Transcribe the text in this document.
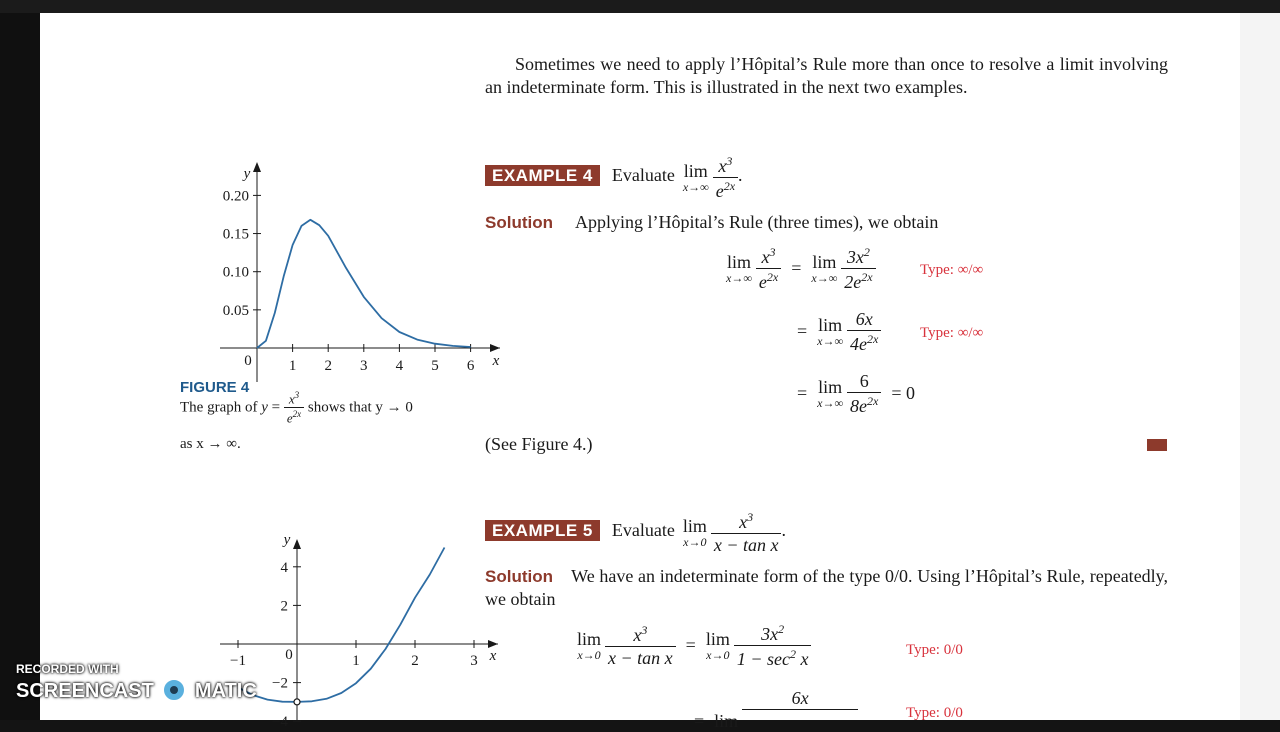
Sometimes we need to apply l’Hôpital’s Rule more than once to resolve a limit involving an indeterminate form. This is illustrated in the next two examples.

EXAMPLE 4 Evaluate lim
x→∞
$\frac{x^3}{e^{2x}}$ .
Solution Applying l’Hôpital’s Rule (three times), we obtain
lim
x→∞
$\frac{x^3}{e^{2x}} = \lim$
x→∞
$\frac{3x^2}{2e^{2x}}$	Type: ∞/∞
= lim
x→∞
$\frac{6x}{4e^{2x}}$	Type: ∞/∞
= lim
x→∞
$\frac{6}{8e^{2x}} = 0$
(See Figure 4.)
y
x
0 1 2 3 4 5 6
0.05
0.10
0.15
0.20
FIGURE 4
The graph of $y = \frac{x^3}{e^{2x}}$ shows that y → 0
as x → ∞.
EXAMPLE 5 Evaluate lim
x→0
$\frac{x^3}{\text{x − tan x}}$ .
Solution We have an indeterminate form of the type 0/0. Using l’Hôpital’s Rule, repeatedly, we obtain
lim
x→0
$\frac{x^3}{\text{x − tan x}} = \lim$
x→0
$\frac{3x^2}{1 - \sec^2 x}$	Type: 0/0
= lim
6x
Type: 0/0
y
x
−1	0	1	2	3
−4
−2
2
4
RECORDED WITH
SCREENCAST MATIC
